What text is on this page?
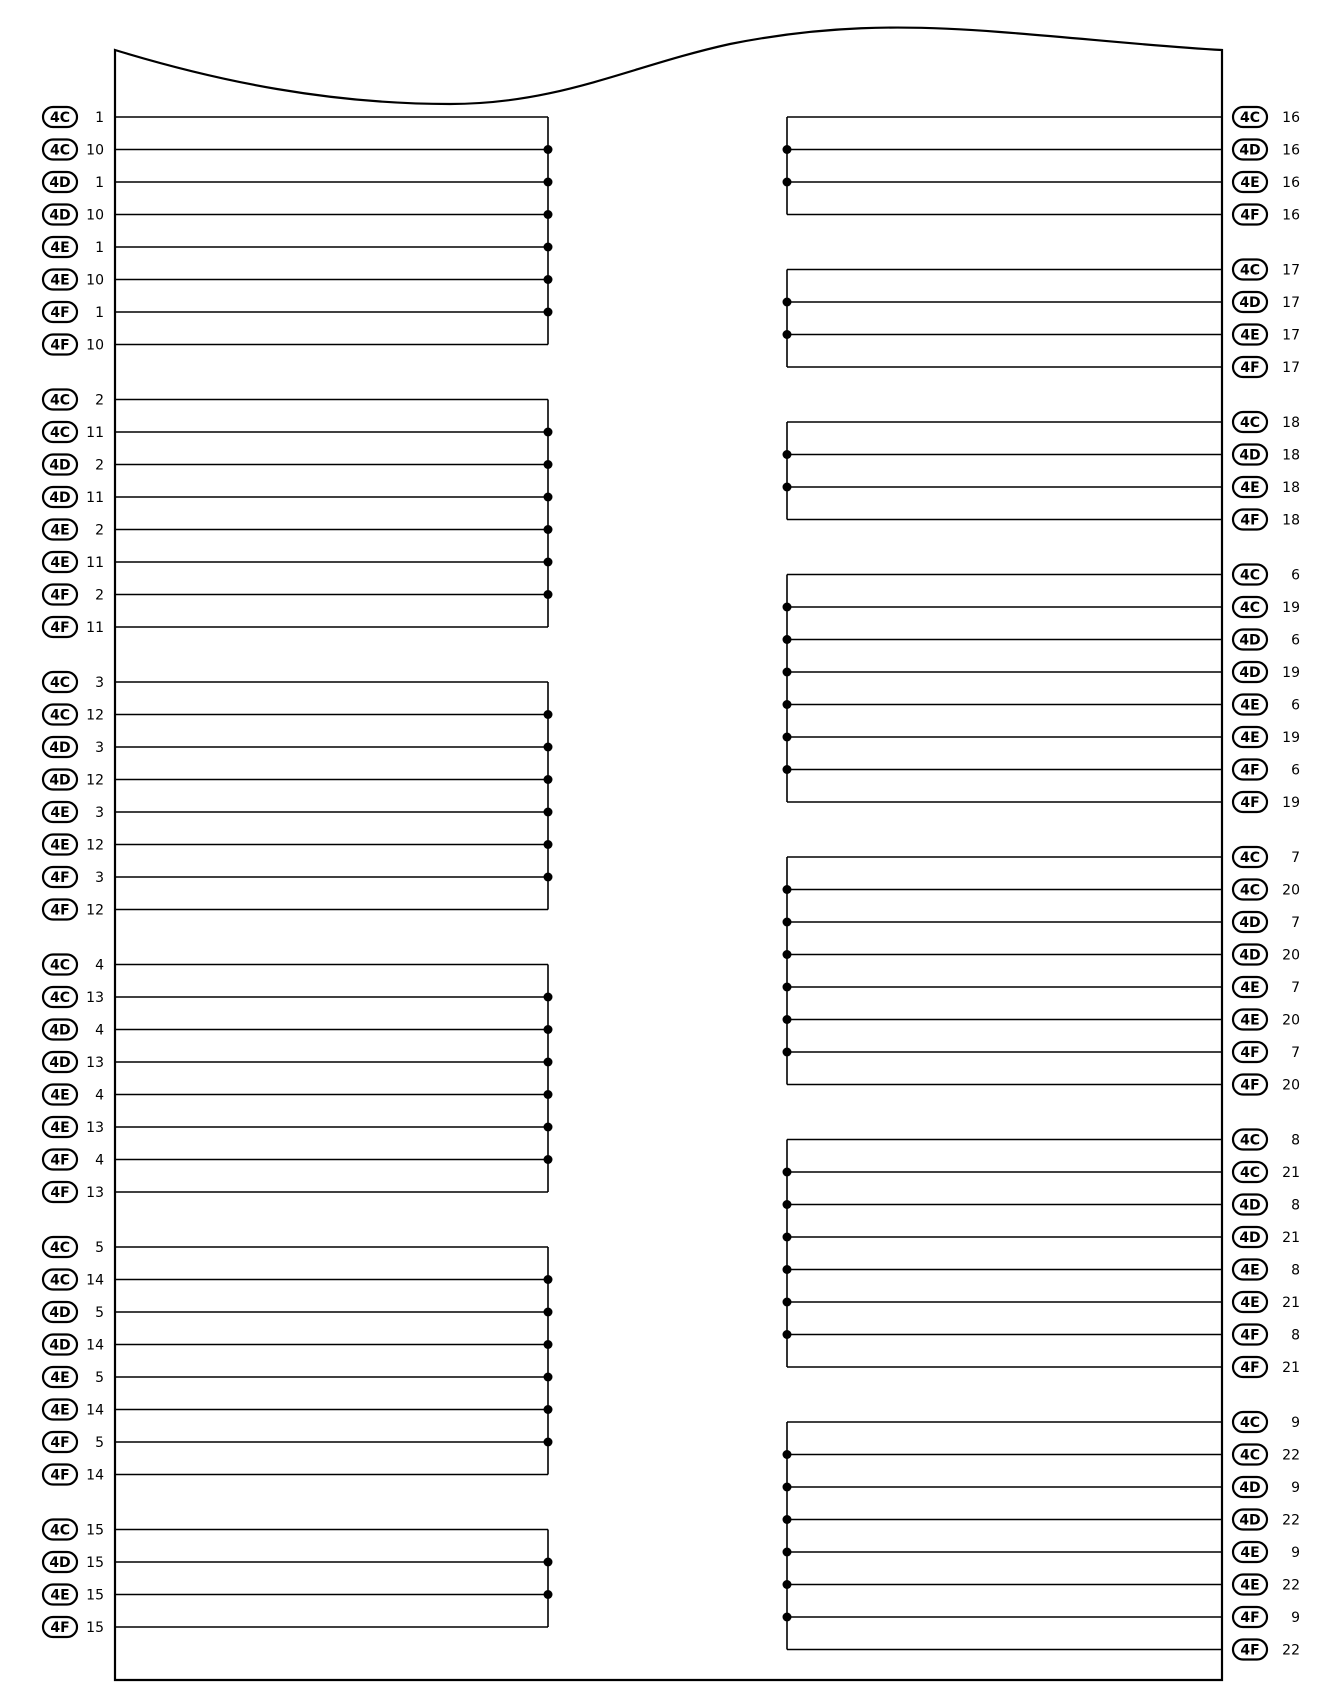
4C 1
4C 10
4D 1
4D 10
4E 1
4E 10
4F 1
4F 10
4C 2
4C 11
4D 2
4D 11
4E 2
4E 11
4F 2
4F 11
4C 3
4C 12
4D 3
4D 12
4E 3
4E 12
4F 3
4F 12
4C 4
4C 13
4D 4
4D 13
4E 4
4E 13
4F 4
4F 13
4C 5
4C 14
4D 5
4D 14
4E 5
4E 14
4F 5
4F 14
4C 15
4D 15
4E 15
4F 15
4C 16
4D 16
4E 16
4F 16
4C 17
4D 17
4E 17
4F 17
4C 18
4D 18
4E 18
4F 18
4C 6
4C 19
4D 6
4D 19
4E 6
4E 19
4F 6
4F 19
4C 7
4C 20
4D 7
4D 20
4E 7
4E 20
4F 7
4F 20
4C 8
4C 21
4D 8
4D 21
4E 8
4E 21
4F 8
4F 21
4C 9
4C 22
4D 9
4D 22
4E 9
4E 22
4F 9
4F 22
